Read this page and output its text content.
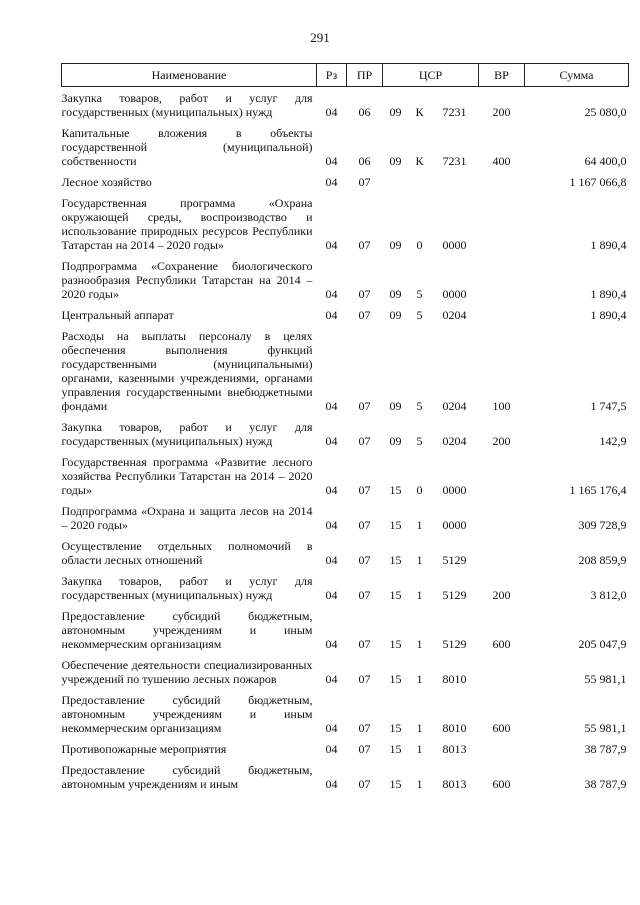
291
Наименование	Рз	ПР	ЦСР			ВР	Сумма
Закупка товаров, работ и услуг для государственных (муниципальных) нужд	04	06	09	К	7231	200	25 080,0
Капитальные вложения в объекты государственной (муниципальной) собственности	04	06	09	К	7231	400	64 400,0
Лесное хозяйство	04	07					1 167 066,8
Государственная программа «Охрана окружающей среды, воспроизводство и использование природных ресурсов Республики Татарстан на 2014 – 2020 годы»	04	07	09	0	0000		1 890,4
Подпрограмма «Сохранение биологического разнообразия Республики Татарстан на 2014 – 2020 годы»	04	07	09	5	0000		1 890,4
Центральный аппарат	04	07	09	5	0204		1 890,4
Расходы на выплаты персоналу в целях обеспечения выполнения функций государственными (муниципальными) органами, казенными учреждениями, органами управления государственными внебюджетными фондами	04	07	09	5	0204	100	1 747,5
Закупка товаров, работ и услуг для государственных (муниципальных) нужд	04	07	09	5	0204	200	142,9
Государственная программа «Развитие лесного хозяйства Республики Татарстан на 2014 – 2020 годы»	04	07	15	0	0000		1 165 176,4
Подпрограмма «Охрана и защита лесов на 2014 – 2020 годы»	04	07	15	1	0000		309 728,9
Осуществление отдельных полномочий в области лесных отношений	04	07	15	1	5129		208 859,9
Закупка товаров, работ и услуг для государственных (муниципальных) нужд	04	07	15	1	5129	200	3 812,0
Предоставление субсидий бюджетным, автономным учреждениям и иным некоммерческим организациям	04	07	15	1	5129	600	205 047,9
Обеспечение деятельности специализированных учреждений по тушению лесных пожаров	04	07	15	1	8010		55 981,1
Предоставление субсидий бюджетным, автономным учреждениям и иным некоммерческим организациям	04	07	15	1	8010	600	55 981,1
Противопожарные мероприятия	04	07	15	1	8013		38 787,9
Предоставление субсидий бюджетным, автономным учреждениям и иным	04	07	15	1	8013	600	38 787,9
